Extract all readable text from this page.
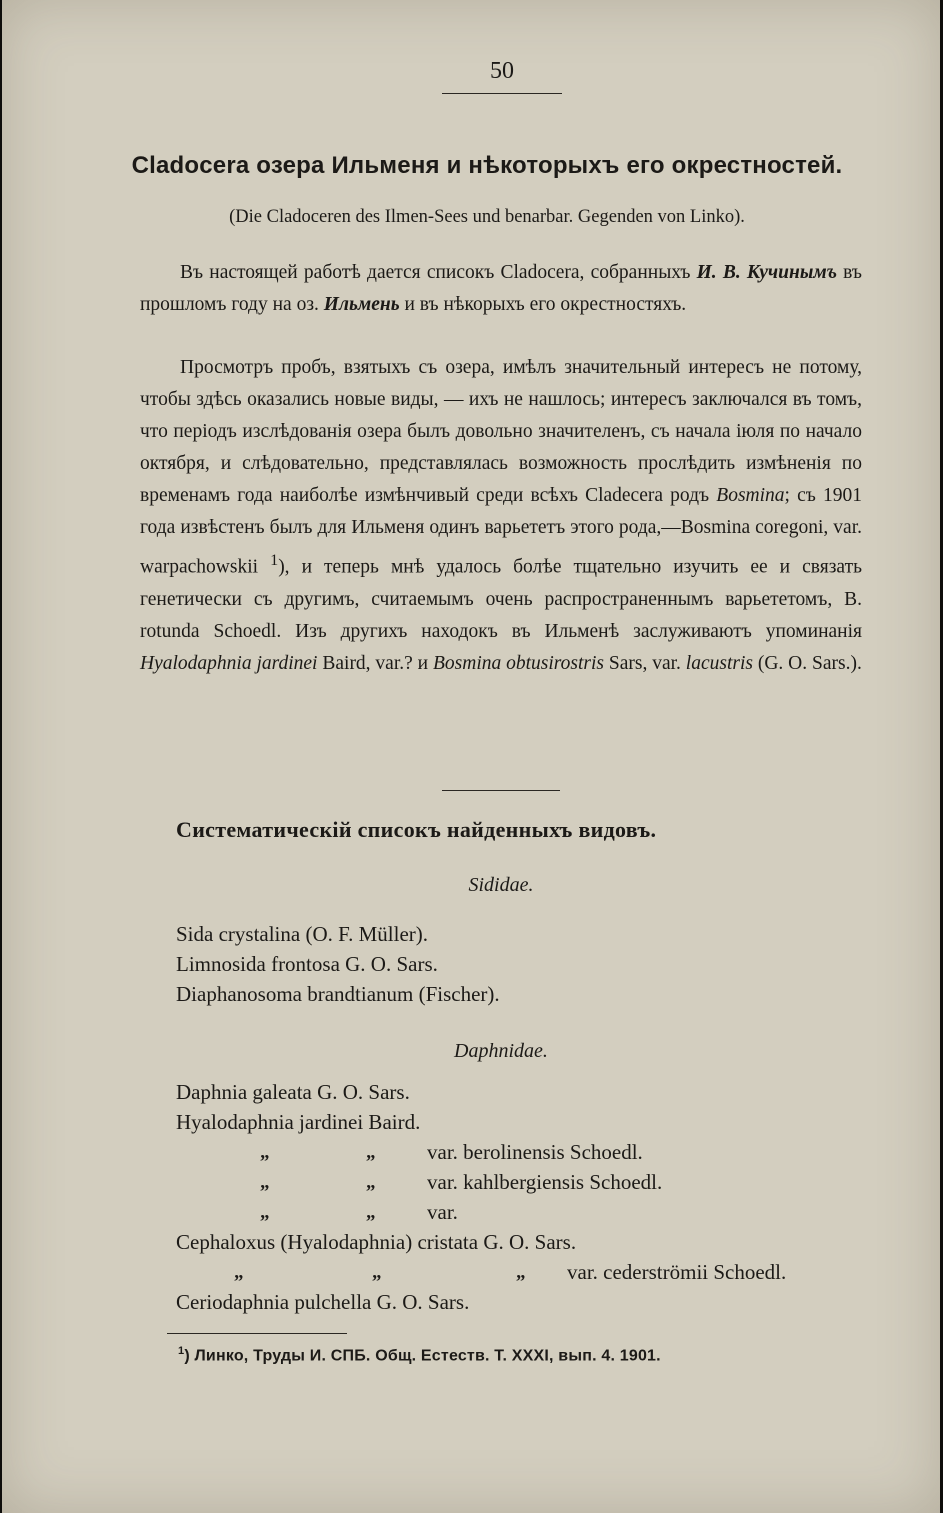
50
Cladocera озера Ильменя и нѣкоторыхъ его окрестностей.
(Die Cladoceren des Ilmen-Sees und benarbar. Gegenden von Linko).

Въ настоящей работѣ дается списокъ Cladocera, собранныхъ И. В. Кучинымъ въ прошломъ году на оз. Ильмень и въ нѣкорыхъ его окрестностяхъ.

Просмотръ пробъ, взятыхъ съ озера, имѣлъ значительный интересъ не потому, чтобы здѣсь оказались новые виды, — ихъ не нашлось; интересъ заключался въ томъ, что періодъ изслѣдованія озера былъ довольно значителенъ, съ начала іюля по начало октября, и слѣдовательно, представлялась возможность прослѣдить измѣненія по временамъ года наиболѣе измѣнчивый среди всѣхъ Cladecera родъ Bosmina; съ 1901 года извѣстенъ былъ для Ильменя одинъ варьететъ этого рода,—Bosmina coregoni, var. warpachowskii $^1$), и теперь мнѣ удалось болѣе тщательно изучить ее и связать генетически съ другимъ, считаемымъ очень распространеннымъ варьететомъ, B. rotunda Schoedl. Изъ другихъ находокъ въ Ильменѣ заслуживаютъ упоминанія Hyalodaphnia jardinei Baird, var.? и Bosmina obtusirostris Sars, var. lacustris (G. O. Sars.).

Систематическій списокъ найденныхъ видовъ.
Sididae.
Sida crystalina (O. F. Müller).
Limnosida frontosa G. O. Sars.
Diaphanosoma brandtianum (Fischer).
Daphnidae.
Daphnia galeata G. O. Sars.
Hyalodaphnia jardinei Baird.
„	„ var. berolinensis Schoedl.
„	„ var. kahlbergiensis Schoedl.
„	„ var.
Cephaloxus (Hyalodaphnia) cristata G. O. Sars.
„	„	„ var. cederströmii Schoedl.
Ceriodaphnia pulchella G. O. Sars.
$^1$) Линко, Труды И. СПБ. Общ. Естеств. Т. XXXI, вып. 4. 1901.
